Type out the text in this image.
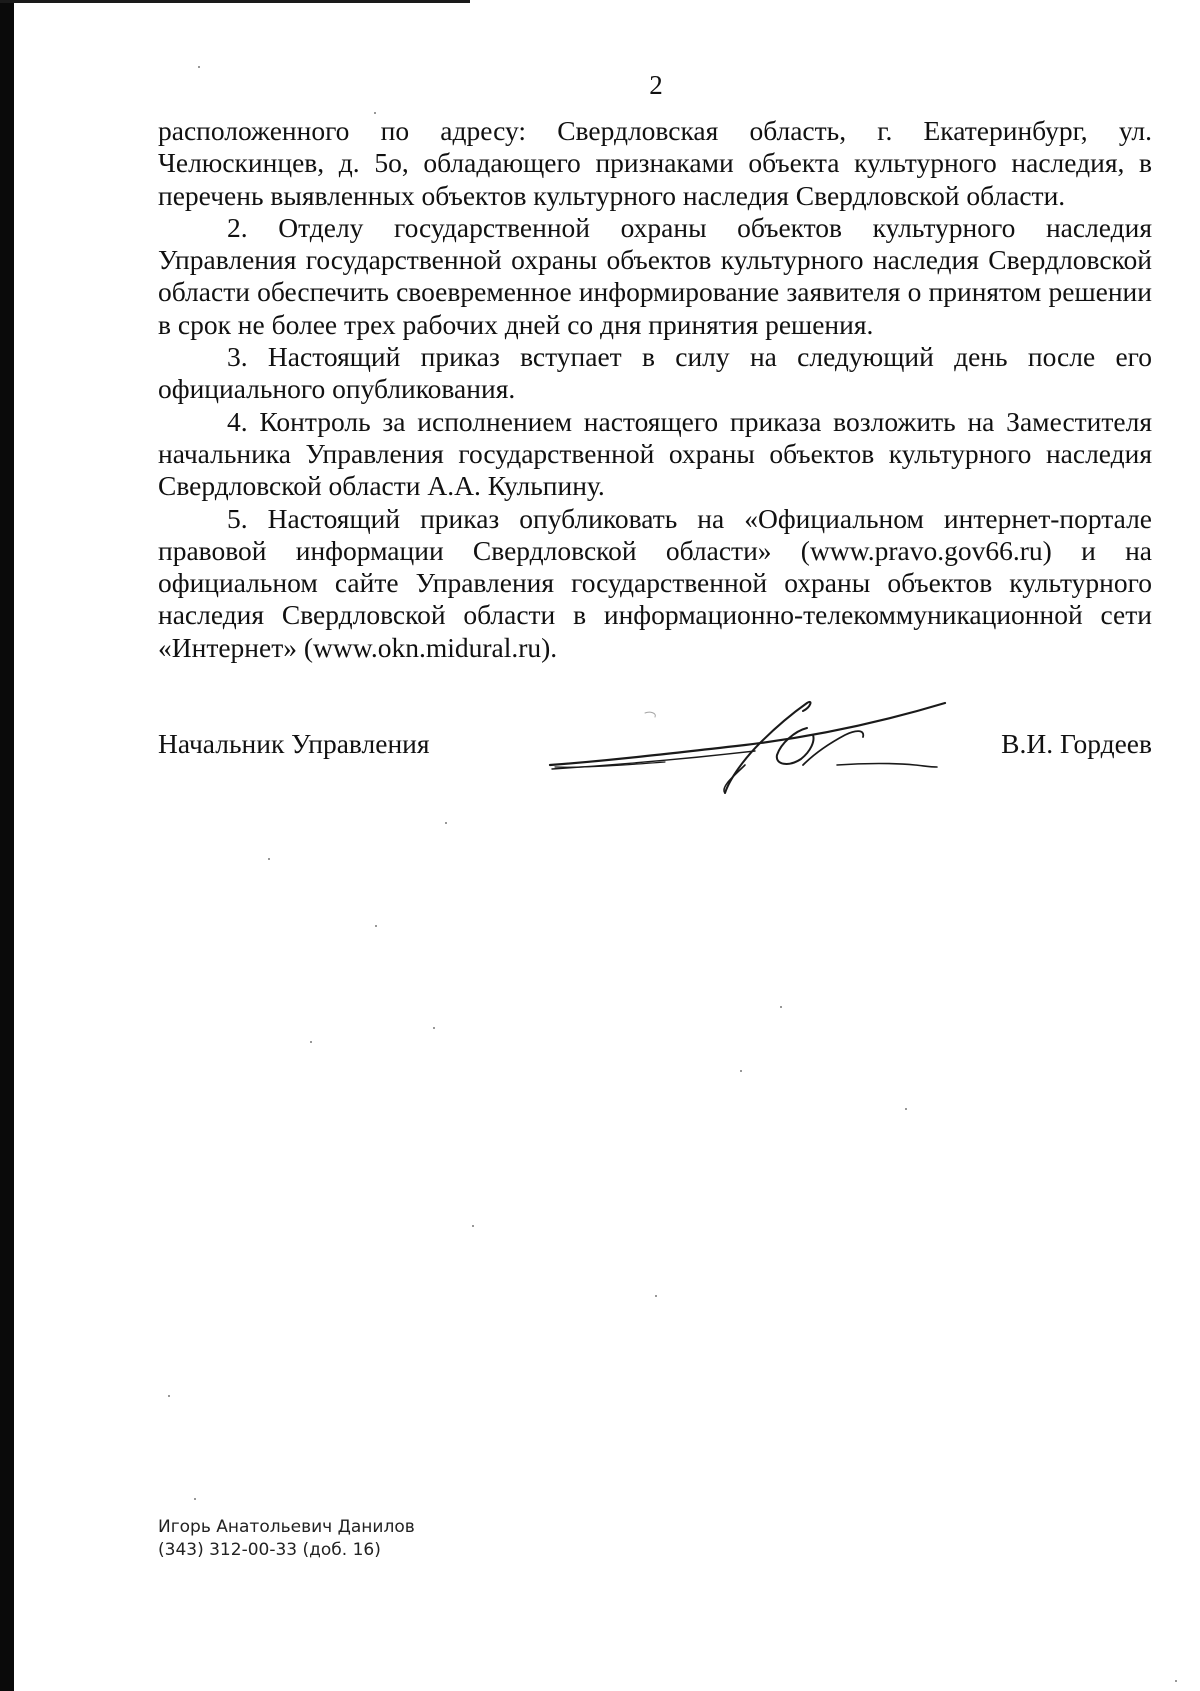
2

расположенного по адресу: Свердловская область, г. Екатеринбург, ул. Челюскинцев, д. 5о, обладающего признаками объекта культурного наследия, в перечень выявленных объектов культурного наследия Свердловской области.

2. Отделу государственной охраны объектов культурного наследия Управления государственной охраны объектов культурного наследия Свердловской области обеспечить своевременное информирование заявителя о принятом решении в срок не более трех рабочих дней со дня принятия решения.

3. Настоящий приказ вступает в силу на следующий день после его официального опубликования.

4. Контроль за исполнением настоящего приказа возложить на Заместителя начальника Управления государственной охраны объектов культурного наследия Свердловской области А.А. Кульпину.

5. Настоящий приказ опубликовать на «Официальном интернет-портале правовой информации Свердловской области» (www.pravo.gov66.ru) и на официальном сайте Управления государственной охраны объектов культурного наследия Свердловской области в информационно-телекоммуникационной сети «Интернет» (www.okn.midural.ru).

Начальник Управления	В.И. Гордеев
Игорь Анатольевич Данилов
(343) 312-00-33 (доб. 16)
